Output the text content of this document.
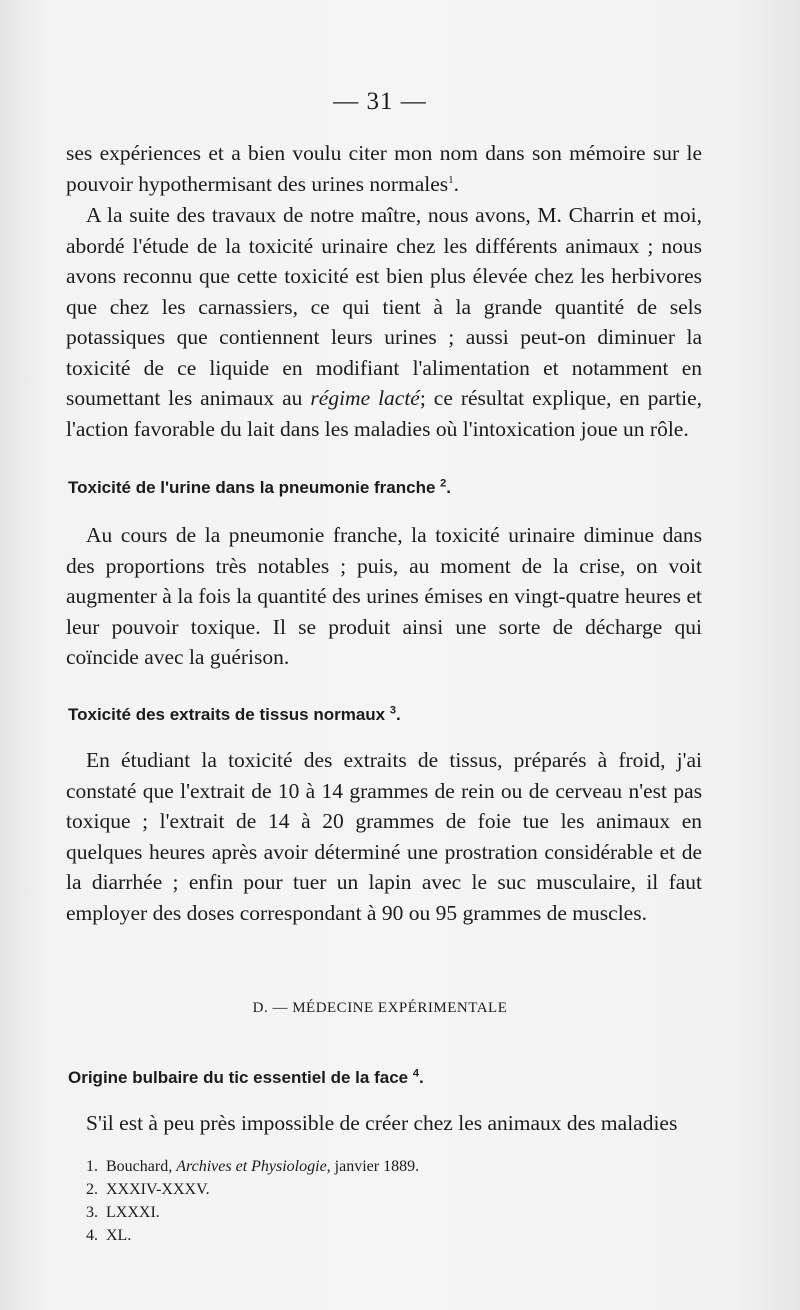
— 31 —

ses expériences et a bien voulu citer mon nom dans son mémoire sur le pouvoir hypothermisant des urines normales$^1$.

A la suite des travaux de notre maître, nous avons, M. Charrin et moi, abordé l'étude de la toxicité urinaire chez les différents animaux ; nous avons reconnu que cette toxicité est bien plus élevée chez les herbivores que chez les carnassiers, ce qui tient à la grande quantité de sels potassiques que contiennent leurs urines ; aussi peut-on diminuer la toxicité de ce liquide en modifiant l'alimentation et notamment en soumettant les animaux au régime lacté; ce résultat explique, en partie, l'action favorable du lait dans les maladies où l'intoxication joue un rôle.

Toxicité de l'urine dans la pneumonie franche $^2$.

Au cours de la pneumonie franche, la toxicité urinaire diminue dans des proportions très notables ; puis, au moment de la crise, on voit augmenter à la fois la quantité des urines émises en vingt-quatre heures et leur pouvoir toxique. Il se produit ainsi une sorte de décharge qui coïncide avec la guérison.

Toxicité des extraits de tissus normaux $^3$.

En étudiant la toxicité des extraits de tissus, préparés à froid, j'ai constaté que l'extrait de 10 à 14 grammes de rein ou de cerveau n'est pas toxique ; l'extrait de 14 à 20 grammes de foie tue les animaux en quelques heures après avoir déterminé une prostration considérable et de la diarrhée ; enfin pour tuer un lapin avec le suc musculaire, il faut employer des doses correspondant à 90 ou 95 grammes de muscles.

D. — MÉDECINE EXPÉRIMENTALE

Origine bulbaire du tic essentiel de la face $^4$.

S'il est à peu près impossible de créer chez les animaux des maladies

1. Bouchard, Archives et Physiologie, janvier 1889.
2. XXXIV-XXXV.
3. LXXXI.
4. XL.
